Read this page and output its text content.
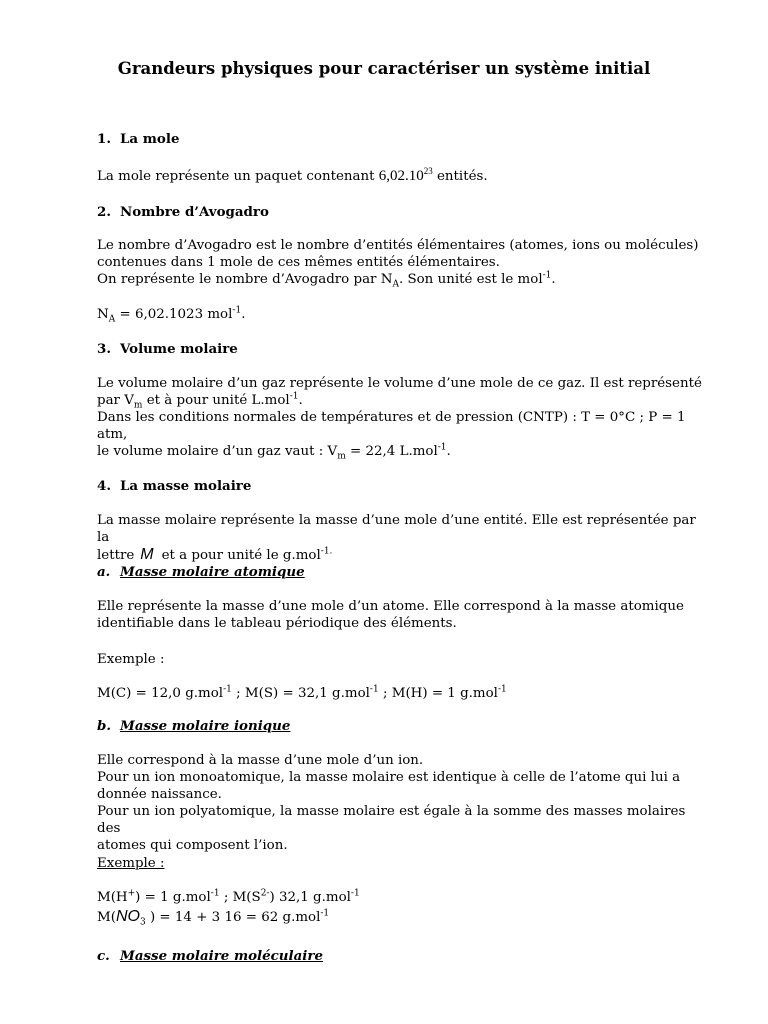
Grandeurs physiques pour caractériser un système initial
1. La mole
La mole représente un paquet contenant 6,02.10$^{23}$ entités.
2. Nombre d’Avogadro
Le nombre d’Avogadro est le nombre d’entités élémentaires (atomes, ions ou molécules)
contenues dans 1 mole de ces mêmes entités élémentaires.
On représente le nombre d’Avogadro par $N_A$. Son unité est le mol$^{-1}$.
$N_A = 6,02.1023$ mol$^{-1}$.
3. Volume molaire
Le volume molaire d’un gaz représente le volume d’une mole de ce gaz. Il est représenté
par $V_m$ et à pour unité L.mol$^{-1}$.
Dans les conditions normales de températures et de pression (CNTP) : T = 0°C ; P = 1 atm,
le volume molaire d’un gaz vaut : $V_m = 22,4$ L.mol$^{-1}$.
4. La masse molaire
La masse molaire représente la masse d’une mole d’une entité. Elle est représentée par la
lettre M et a pour unité le g.mol$^{-1.}$
a. Masse molaire atomique
Elle représente la masse d’une mole d’un atome. Elle correspond à la masse atomique
identifiable dans le tableau périodique des éléments.
Exemple :
M(C) = 12,0 g.mol$^{-1}$ ; M(S) = 32,1 g.mol$^{-1}$ ; M(H) = 1 g.mol$^{-1}$
b. Masse molaire ionique
Elle correspond à la masse d’une mole d’un ion.
Pour un ion monoatomique, la masse molaire est identique à celle de l’atome qui lui a
donnée naissance.
Pour un ion polyatomique, la masse molaire est égale à la somme des masses molaires des
atomes qui composent l’ion.
Exemple :
M(H+) = 1 g.mol$^{-1}$ ; $M(S^{2-})$ 32,1 g.mol$^{-1}$
$M(NO_3$ ) = 14 + 3 16 = 62 g.mol$^{-1}$
c. Masse molaire moléculaire
